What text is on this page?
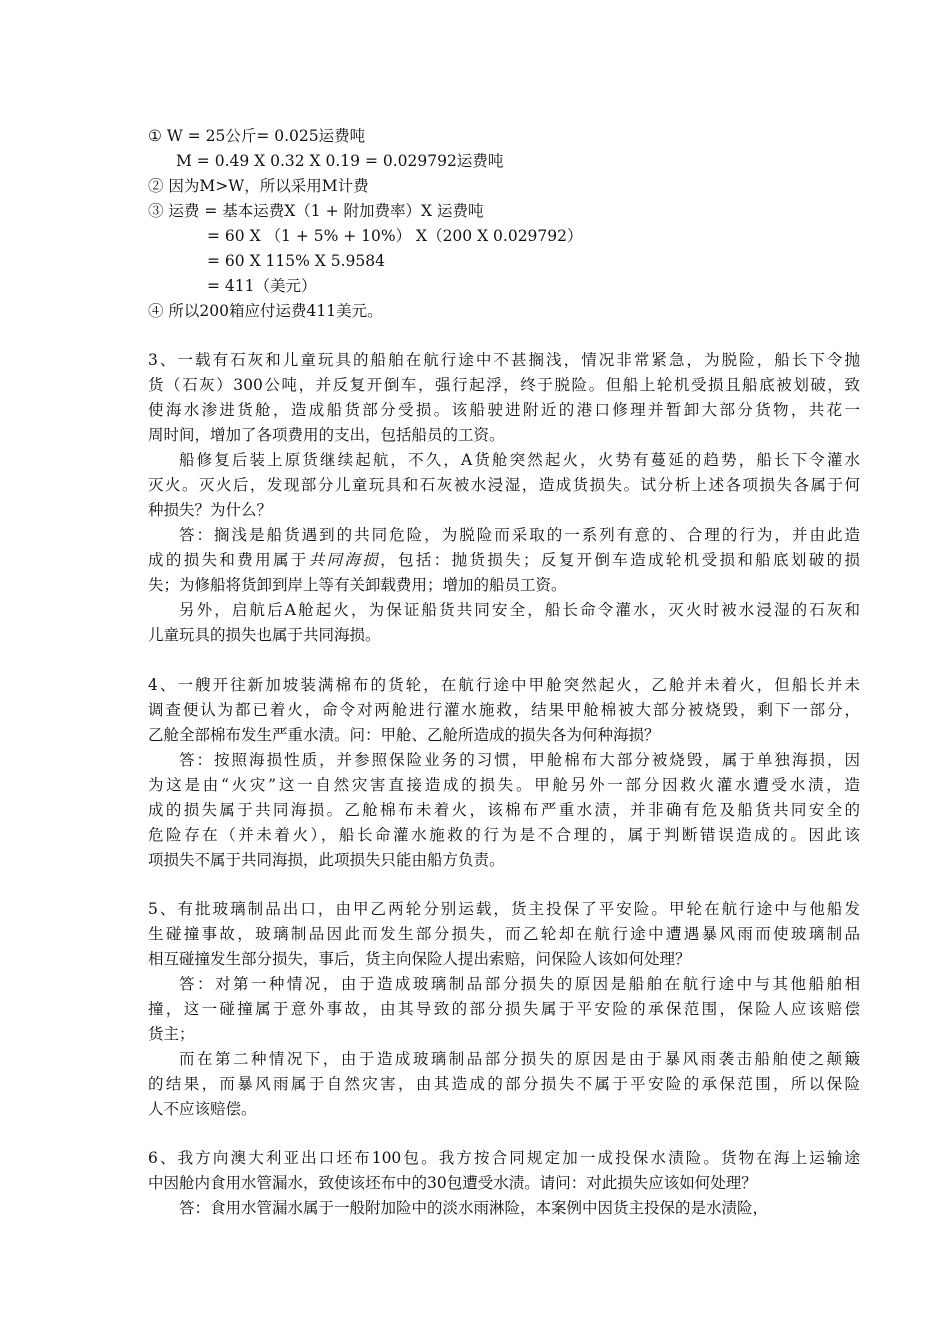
① W = 25公斤= 0.025运费吨
M = 0.49 X 0.32 X 0.19 = 0.029792运费吨
② 因为M>W，所以采用M计费
③ 运费 = 基本运费X（1 + 附加费率）X 运费吨
= 60 X （1 + 5% + 10%） X（200 X 0.029792）
= 60 X 115% X 5.9584
= 411（美元）
④ 所以200箱应付运费411美元。
3、一载有石灰和儿童玩具的船舶在航行途中不甚搁浅，情况非常紧急，为脱险，船长下令抛
货（石灰）300公吨，并反复开倒车，强行起浮，终于脱险。但船上轮机受损且船底被划破，致
使海水渗进货舱，造成船货部分受损。该船驶进附近的港口修理并暂卸大部分货物，共花一
周时间，增加了各项费用的支出，包括船员的工资。
船修复后装上原货继续起航，不久，A货舱突然起火，火势有蔓延的趋势，船长下令灌水
灭火。灭火后，发现部分儿童玩具和石灰被水浸湿，造成货损失。试分析上述各项损失各属于何
种损失？为什么？
答：搁浅是船货遇到的共同危险，为脱险而采取的一系列有意的、合理的行为，并由此造
成的损失和费用属于共同海损，包括：抛货损失；反复开倒车造成轮机受损和船底划破的损
失；为修船将货卸到岸上等有关卸载费用；增加的船员工资。
另外，启航后A舱起火，为保证船货共同安全，船长命令灌水，灭火时被水浸湿的石灰和
儿童玩具的损失也属于共同海损。
4、一艘开往新加坡装满棉布的货轮，在航行途中甲舱突然起火，乙舱并未着火，但船长并未
调查便认为都已着火，命令对两舱进行灌水施救，结果甲舱棉被大部分被烧毁，剩下一部分，
乙舱全部棉布发生严重水渍。问：甲舱、乙舱所造成的损失各为何种海损？
答：按照海损性质，并参照保险业务的习惯，甲舱棉布大部分被烧毁，属于单独海损，因
为这是由“火灾”这一自然灾害直接造成的损失。甲舱另外一部分因救火灌水遭受水渍，造
成的损失属于共同海损。乙舱棉布未着火，该棉布严重水渍，并非确有危及船货共同安全的
危险存在（并未着火），船长命灌水施救的行为是不合理的，属于判断错误造成的。因此该
项损失不属于共同海损，此项损失只能由船方负责。
5、有批玻璃制品出口，由甲乙两轮分别运载，货主投保了平安险。甲轮在航行途中与他船发
生碰撞事故，玻璃制品因此而发生部分损失，而乙轮却在航行途中遭遇暴风雨而使玻璃制品
相互碰撞发生部分损失，事后，货主向保险人提出索赔，问保险人该如何处理？
答：对第一种情况，由于造成玻璃制品部分损失的原因是船舶在航行途中与其他船舶相
撞，这一碰撞属于意外事故，由其导致的部分损失属于平安险的承保范围，保险人应该赔偿
货主；
而在第二种情况下，由于造成玻璃制品部分损失的原因是由于暴风雨袭击船舶使之颠簸
的结果，而暴风雨属于自然灾害，由其造成的部分损失不属于平安险的承保范围，所以保险
人不应该赔偿。
6、我方向澳大利亚出口坯布100包。我方按合同规定加一成投保水渍险。货物在海上运输途
中因舱内食用水管漏水，致使该坯布中的30包遭受水渍。请问：对此损失应该如何处理？
答：食用水管漏水属于一般附加险中的淡水雨淋险，本案例中因货主投保的是水渍险，
